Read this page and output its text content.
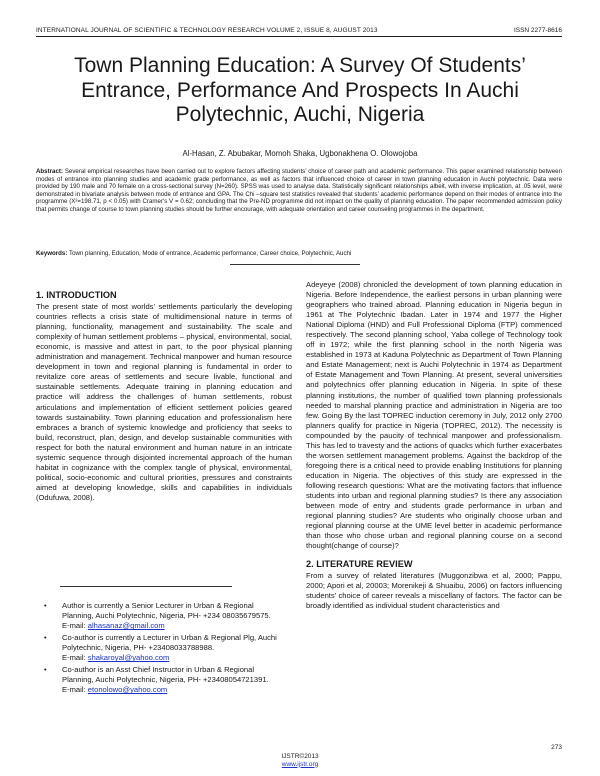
INTERNATIONAL JOURNAL OF SCIENTIFIC & TECHNOLOGY RESEARCH VOLUME 2, ISSUE 8, AUGUST 2013	ISSN 2277-8616
Town Planning Education: A Survey Of Students’ Entrance, Performance And Prospects In Auchi Polytechnic, Auchi, Nigeria
Al-Hasan, Z. Abubakar, Momoh Shaka, Ugbonakhena O. Olowojoba
Abstract: Several empirical researches have been carried out to explore factors affecting students’ choice of career path and academic performance. This paper examined relationship between modes of entrance into planning studies and academic grade performance, as well as factors that influenced choice of career in town planning education in Auchi polytechnic. Data were provided by 190 male and 70 female on a cross-sectional survey (N=260). SPSS was used to analyse data. Statistically significant relationships albeit, with inverse implication, at .05 level, were demonstrated in bivariate analysis between mode of entrance and GPA. The Chi –square test statistics revealed that students’ academic performance depend on their modes of entrance into the programme (X²=198.71, p < 0.05) with Cramer's V = 0.62; concluding that the Pre-ND programme did not impact on the quality of planning education. The paper recommended admission policy that permits change of course to town planning studies should be further encourage, with adequate orientation and career counseling programmes in the department.
Keywords: Town planning, Education, Mode of entrance, Academic performance, Career choice, Polytechnic, Auchi
1. INTRODUCTION

The present state of most worlds’ settlements particularly the developing countries reflects a crisis state of multidimensional nature in terms of planning, functionality, management and sustainability. The scale and complexity of human settlement problems – physical, environmental, social, economic, is massive and attest in part, to the poor physical planning administration and management. Technical manpower and human resource development in town and regional planning is fundamental in order to revitalize core areas of settlements and secure livable, functional and sustainable settlements. Adequate training in planning education and practice will address the challenges of human settlements, robust articulations and implementation of efficient settlement policies geared towards sustainability. Town planning education and professionalism here embraces a branch of systemic knowledge and proficiency that seeks to build, reconstruct, plan, design, and develop sustainable communities with respect for both the natural environment and human nature in an intricate systemic sequence through disjointed incremental approach of the human habitat in cognizance with the complex tangle of physical, environmental, political, socio-economic and cultural priorities, pressures and constraints aimed at developing knowledge, skills and capabilities in individuals (Odufuwa, 2008).

• Author is currently a Senior Lecturer in Urban & Regional Planning, Auchi Polytechnic, Nigeria, PH- +234 08035679575.
E-mail: alhasanaz@gmail.com
• Co-author is currently a Lecturer in Urban & Regional Plg, Auchi Polytechnic, Nigeria, PH- +23408033788988.
E-mail: shakaroyal@yahoo.com
• Co-author is an Asst Chief Instructor in Urban & Regional Planning, Auchi Polytechnic, Nigeria, PH- +23408054721391.
E-mail: etonolowo@yahoo.com

Adeyeye (2008) chronicled the development of town planning education in Nigeria. Before Independence, the earliest persons in urban planning were geographers who trained abroad. Planning education in Nigeria begun in 1961 at The Polytechnic Ibadan. Later in 1974 and 1977 the Higher National Diploma (HND) and Full Professional Diploma (FTP) commenced respectively. The second planning school, Yaba college of Technology took off in 1972; while the first planning school in the north Nigeria was established in 1973 at Kaduna Polytechnic as Department of Town Planning and Estate Management; next is Auchi Polytechnic in 1974 as Department of Estate Management and Town Planning. At present, several universities and polytechnics offer planning education in Nigeria. In spite of these planning institutions, the number of qualified town planning professionals needed to marshal planning practice and administration in Nigeria are too few. Going By the last TOPREC induction ceremony in July, 2012 only 2700 planners qualify for practice in Nigeria (TOPREC, 2012). The necessity is compounded by the paucity of technical manpower and professionalism. This has led to travesty and the actions of quacks which further exacerbates the worsen settlement management problems. Against the backdrop of the foregoing there is a critical need to provide enabling Institutions for planning education in Nigeria. The objectives of this study are expressed in the following research questions: What are the motivating factors that influence students into urban and regional planning studies? Is there any association between mode of entry and students grade performance in urban and regional planning studies? Are students who originally choose urban and regional planning course at the UME level better in academic performance than those who chose urban and regional planning course on a second thought(change of course)?

2. LITERATURE REVIEW

From a survey of related literatures (Muggonzibwa et al, 2000; Pappu, 2000; Apori et al, 20003; Morenikeji & Shuaibu, 2006) on factors influencing students' choice of career reveals a miscellany of factors. The factor can be broadly identified as individual student characteristics and

273
IJSTR©2013
www.ijstr.org
